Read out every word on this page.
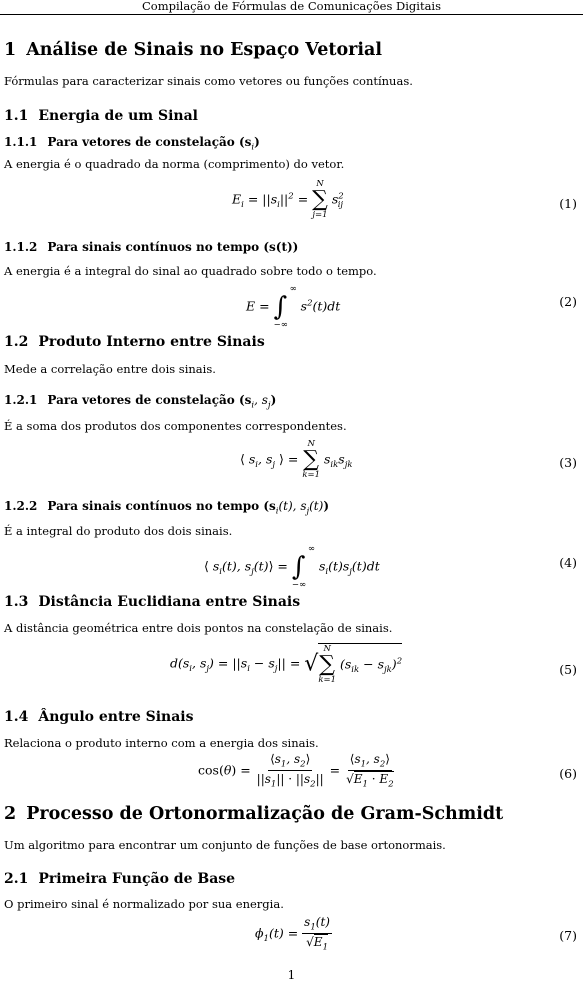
Compilação de Fórmulas de Comunicações Digitais
1 Análise de Sinais no Espaço Vetorial
Fórmulas para caracterizar sinais como vetores ou funções contínuas.
1.1 Energia de um Sinal
1.1.1 Para vetores de constelação $(s_i)$
A energia é o quadrado da norma (comprimento) do vetor.
$E_i = ||s_i||^2$ =
N
∑
j=1
$s^2_{ij}$	(1)
1.1.2 Para sinais contínuos no tempo (s(t))
A energia é a integral do sinal ao quadrado sobre todo o tempo.
E =
∞
∫
−∞
$s^2(t)dt$	(2)
1.2 Produto Interno entre Sinais
Mede a correlação entre dois sinais.
1.2.1 Para vetores de constelação ($s_i$, $s_j$)
É a soma dos produtos dos componentes correspondentes.
⟨ $s_i$, $s_j$ ⟩ =
N
∑
k=1
$s_{ik}s_{jk}$	(3)
1.2.2 Para sinais contínuos no tempo ($s_i(t)$, $s_j(t)$)
É a integral do produto dos dois sinais.
⟨ $s_i(t)$, $s_j(t)⟩$ =
∞
∫
−∞
$s_i(t)s_j(t)dt$	(4)
1.3 Distância Euclidiana entre Sinais
A distância geométrica entre dois pontos na constelação de sinais.
$d(s_i$, $s_j) = ||s_i - s_j||$ = √
N
∑
k=1
$(s_{ik} - s_{jk})^2$
(5)
1.4 Ângulo entre Sinais
Relaciona o produto interno com a energia dos sinais.
$\cos(\theta) = \frac{⟨s_1, s_2⟩}{||s_1|| \cdot ||s_2||} = \frac{⟨s_1, s_2⟩}{√E_1 \cdot E_2}$	(6)
2 Processo de Ortonormalização de Gram-Schmidt
Um algoritmo para encontrar um conjunto de funções de base ortonormais.
2.1 Primeira Função de Base
O primeiro sinal é normalizado por sua energia.
$\phi_1(t) = \frac{s_1(t)}{√E_1}$	(7)
1
